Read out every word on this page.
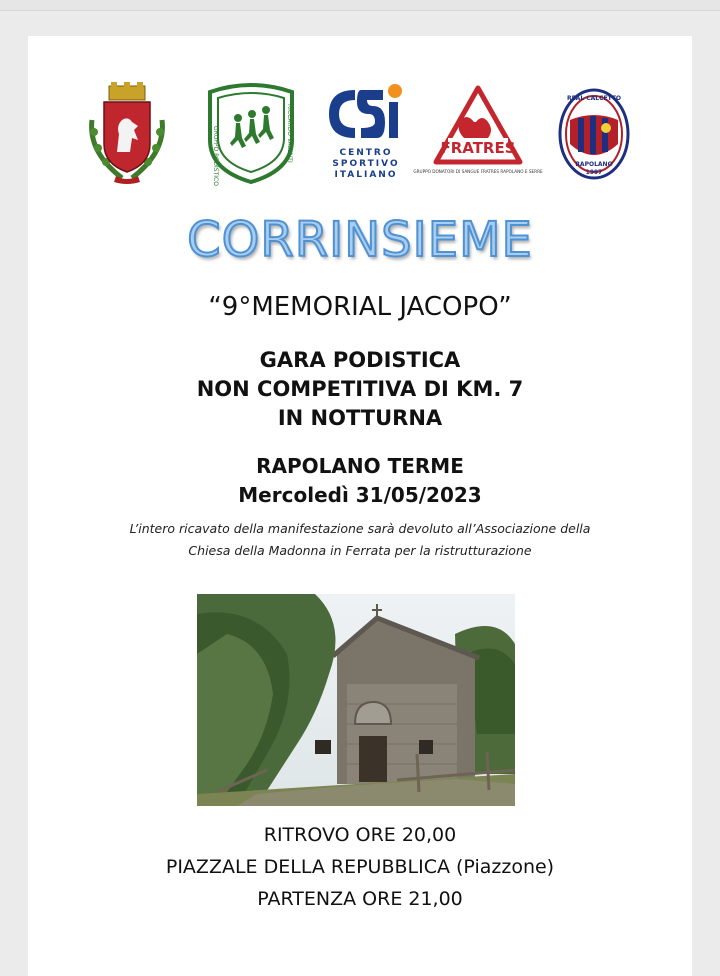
GRUPPO PODISTICO	RICCARDO VALENTI	CENTRO
SPORTIVO
ITALIANO
FRATRES
GRUPPO DONATORI DI SANGUE FRATRES RAPOLANO E SERRE
REAL CALCETTO
RAPOLANO
1997
CORRINSIEME
“9°MEMORIAL JACOPO”
GARA PODISTICA
NON COMPETITIVA DI KM. 7
IN NOTTURNA
RAPOLANO TERME
Mercoledì 31/05/2023
L’intero ricavato della manifestazione sarà devoluto all’Associazione della
Chiesa della Madonna in Ferrata per la ristrutturazione
RITROVO ORE 20,00
PIAZZALE DELLA REPUBBLICA (Piazzone)
PARTENZA ORE 21,00
